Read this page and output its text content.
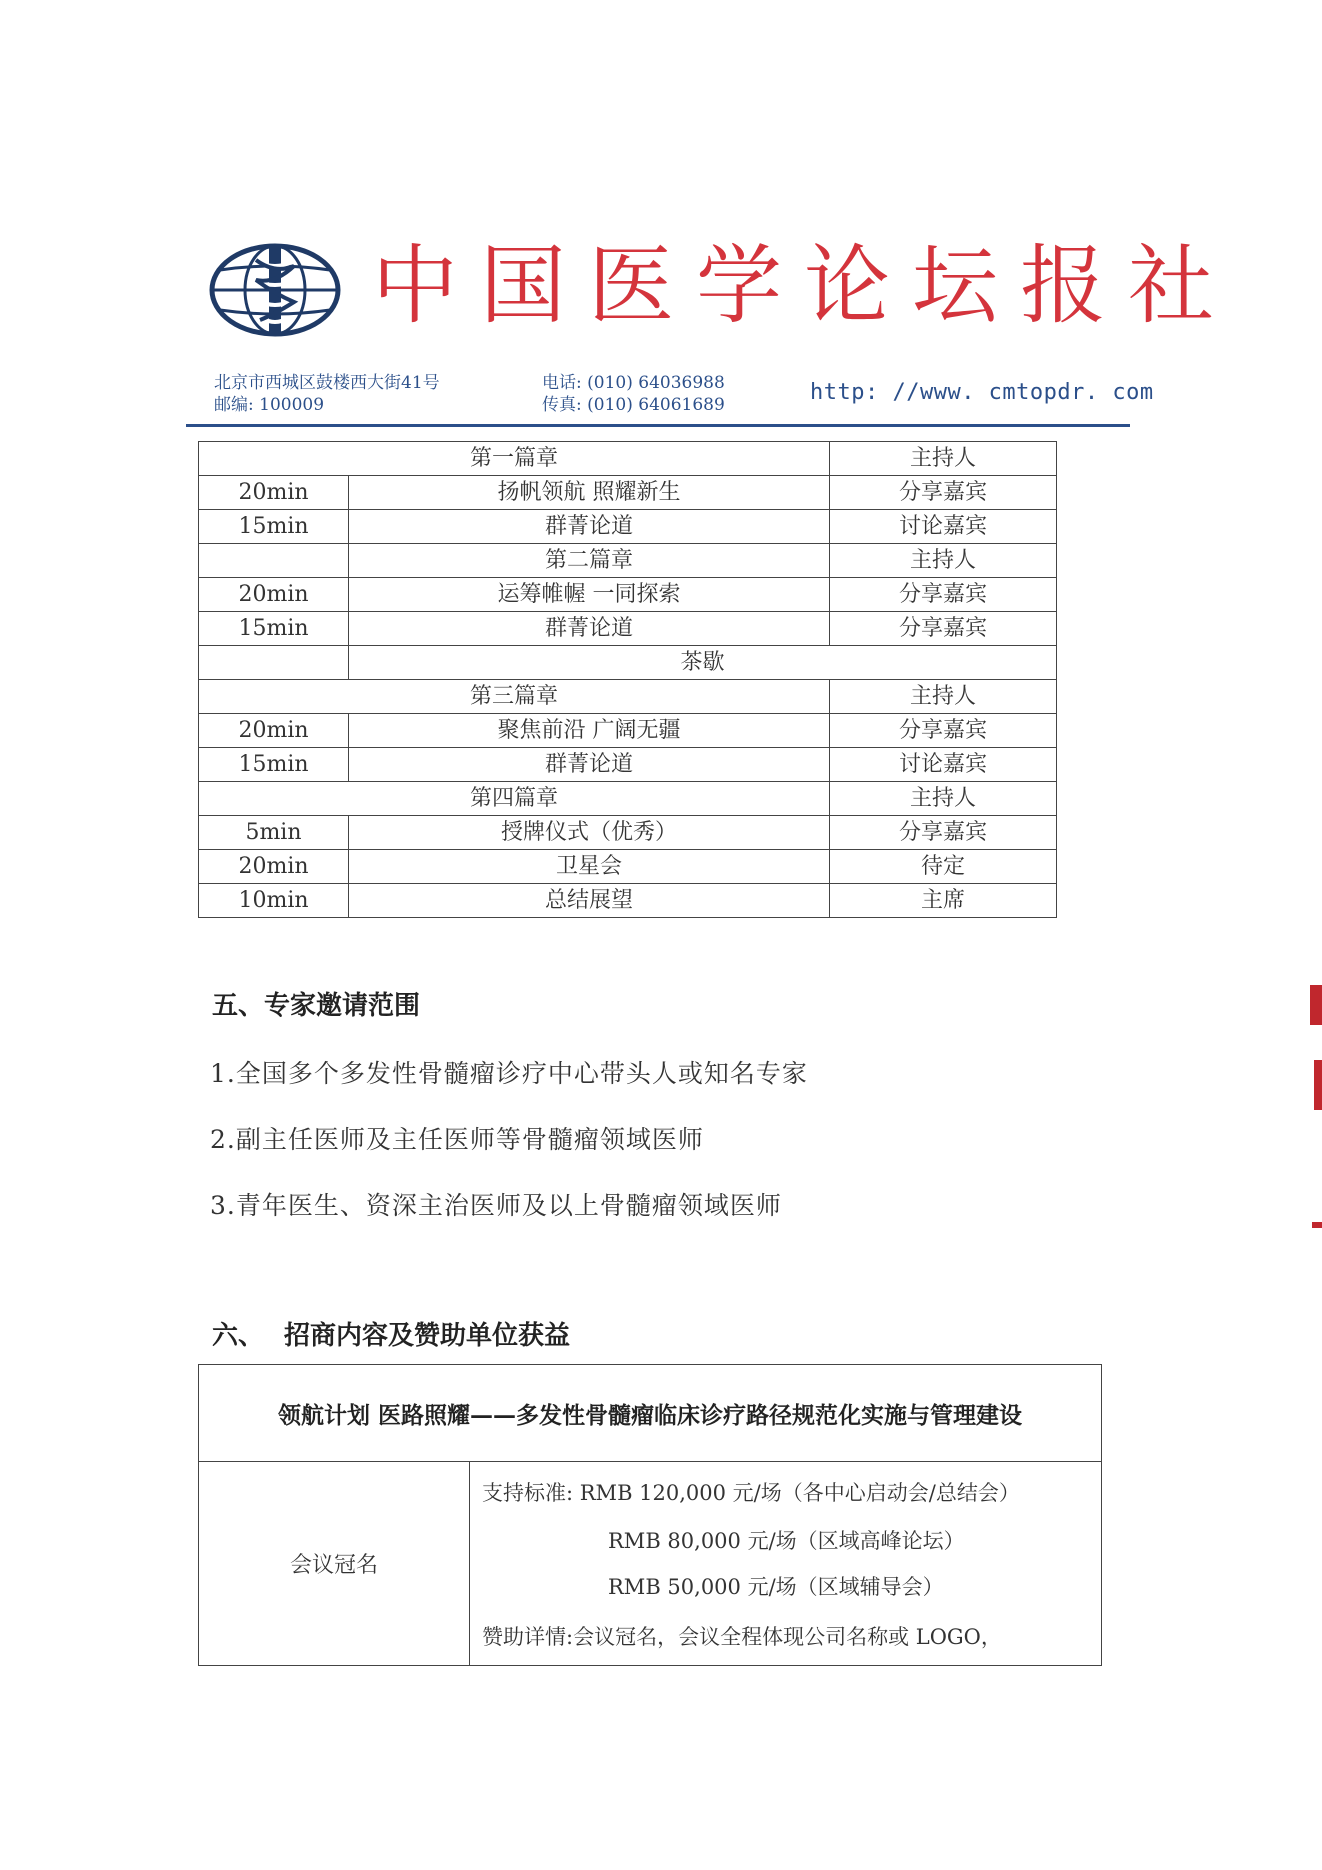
中国医学论坛报社
北京市西城区鼓楼西大街41号
邮编: 100009
电话: (010) 64036988
传真: (010) 64061689	http: //www. cmtopdr. com
第一篇章		主持人
20min	扬帆领航 照耀新生	分享嘉宾
15min	群菁论道	讨论嘉宾
	第二篇章	主持人
20min	运筹帷幄 一同探索	分享嘉宾
15min	群菁论道	分享嘉宾
	茶歇	
第三篇章		主持人
20min	聚焦前沿 广阔无疆	分享嘉宾
15min	群菁论道	讨论嘉宾
第四篇章		主持人
5min	授牌仪式（优秀）	分享嘉宾
20min	卫星会	待定
10min	总结展望	主席
五、专家邀请范围
1.全国多个多发性骨髓瘤诊疗中心带头人或知名专家
2.副主任医师及主任医师等骨髓瘤领域医师
3.青年医生、资深主治医师及以上骨髓瘤领域医师
六、 招商内容及赞助单位获益
领航计划 医路照耀——多发性骨髓瘤临床诊疗路径规范化实施与管理建设
会议冠名
支持标准: RMB 120,000 元/场（各中心启动会/总结会）
RMB 80,000 元/场（区域高峰论坛）
RMB 50,000 元/场（区域辅导会）
赞助详情:会议冠名，会议全程体现公司名称或 LOGO，
